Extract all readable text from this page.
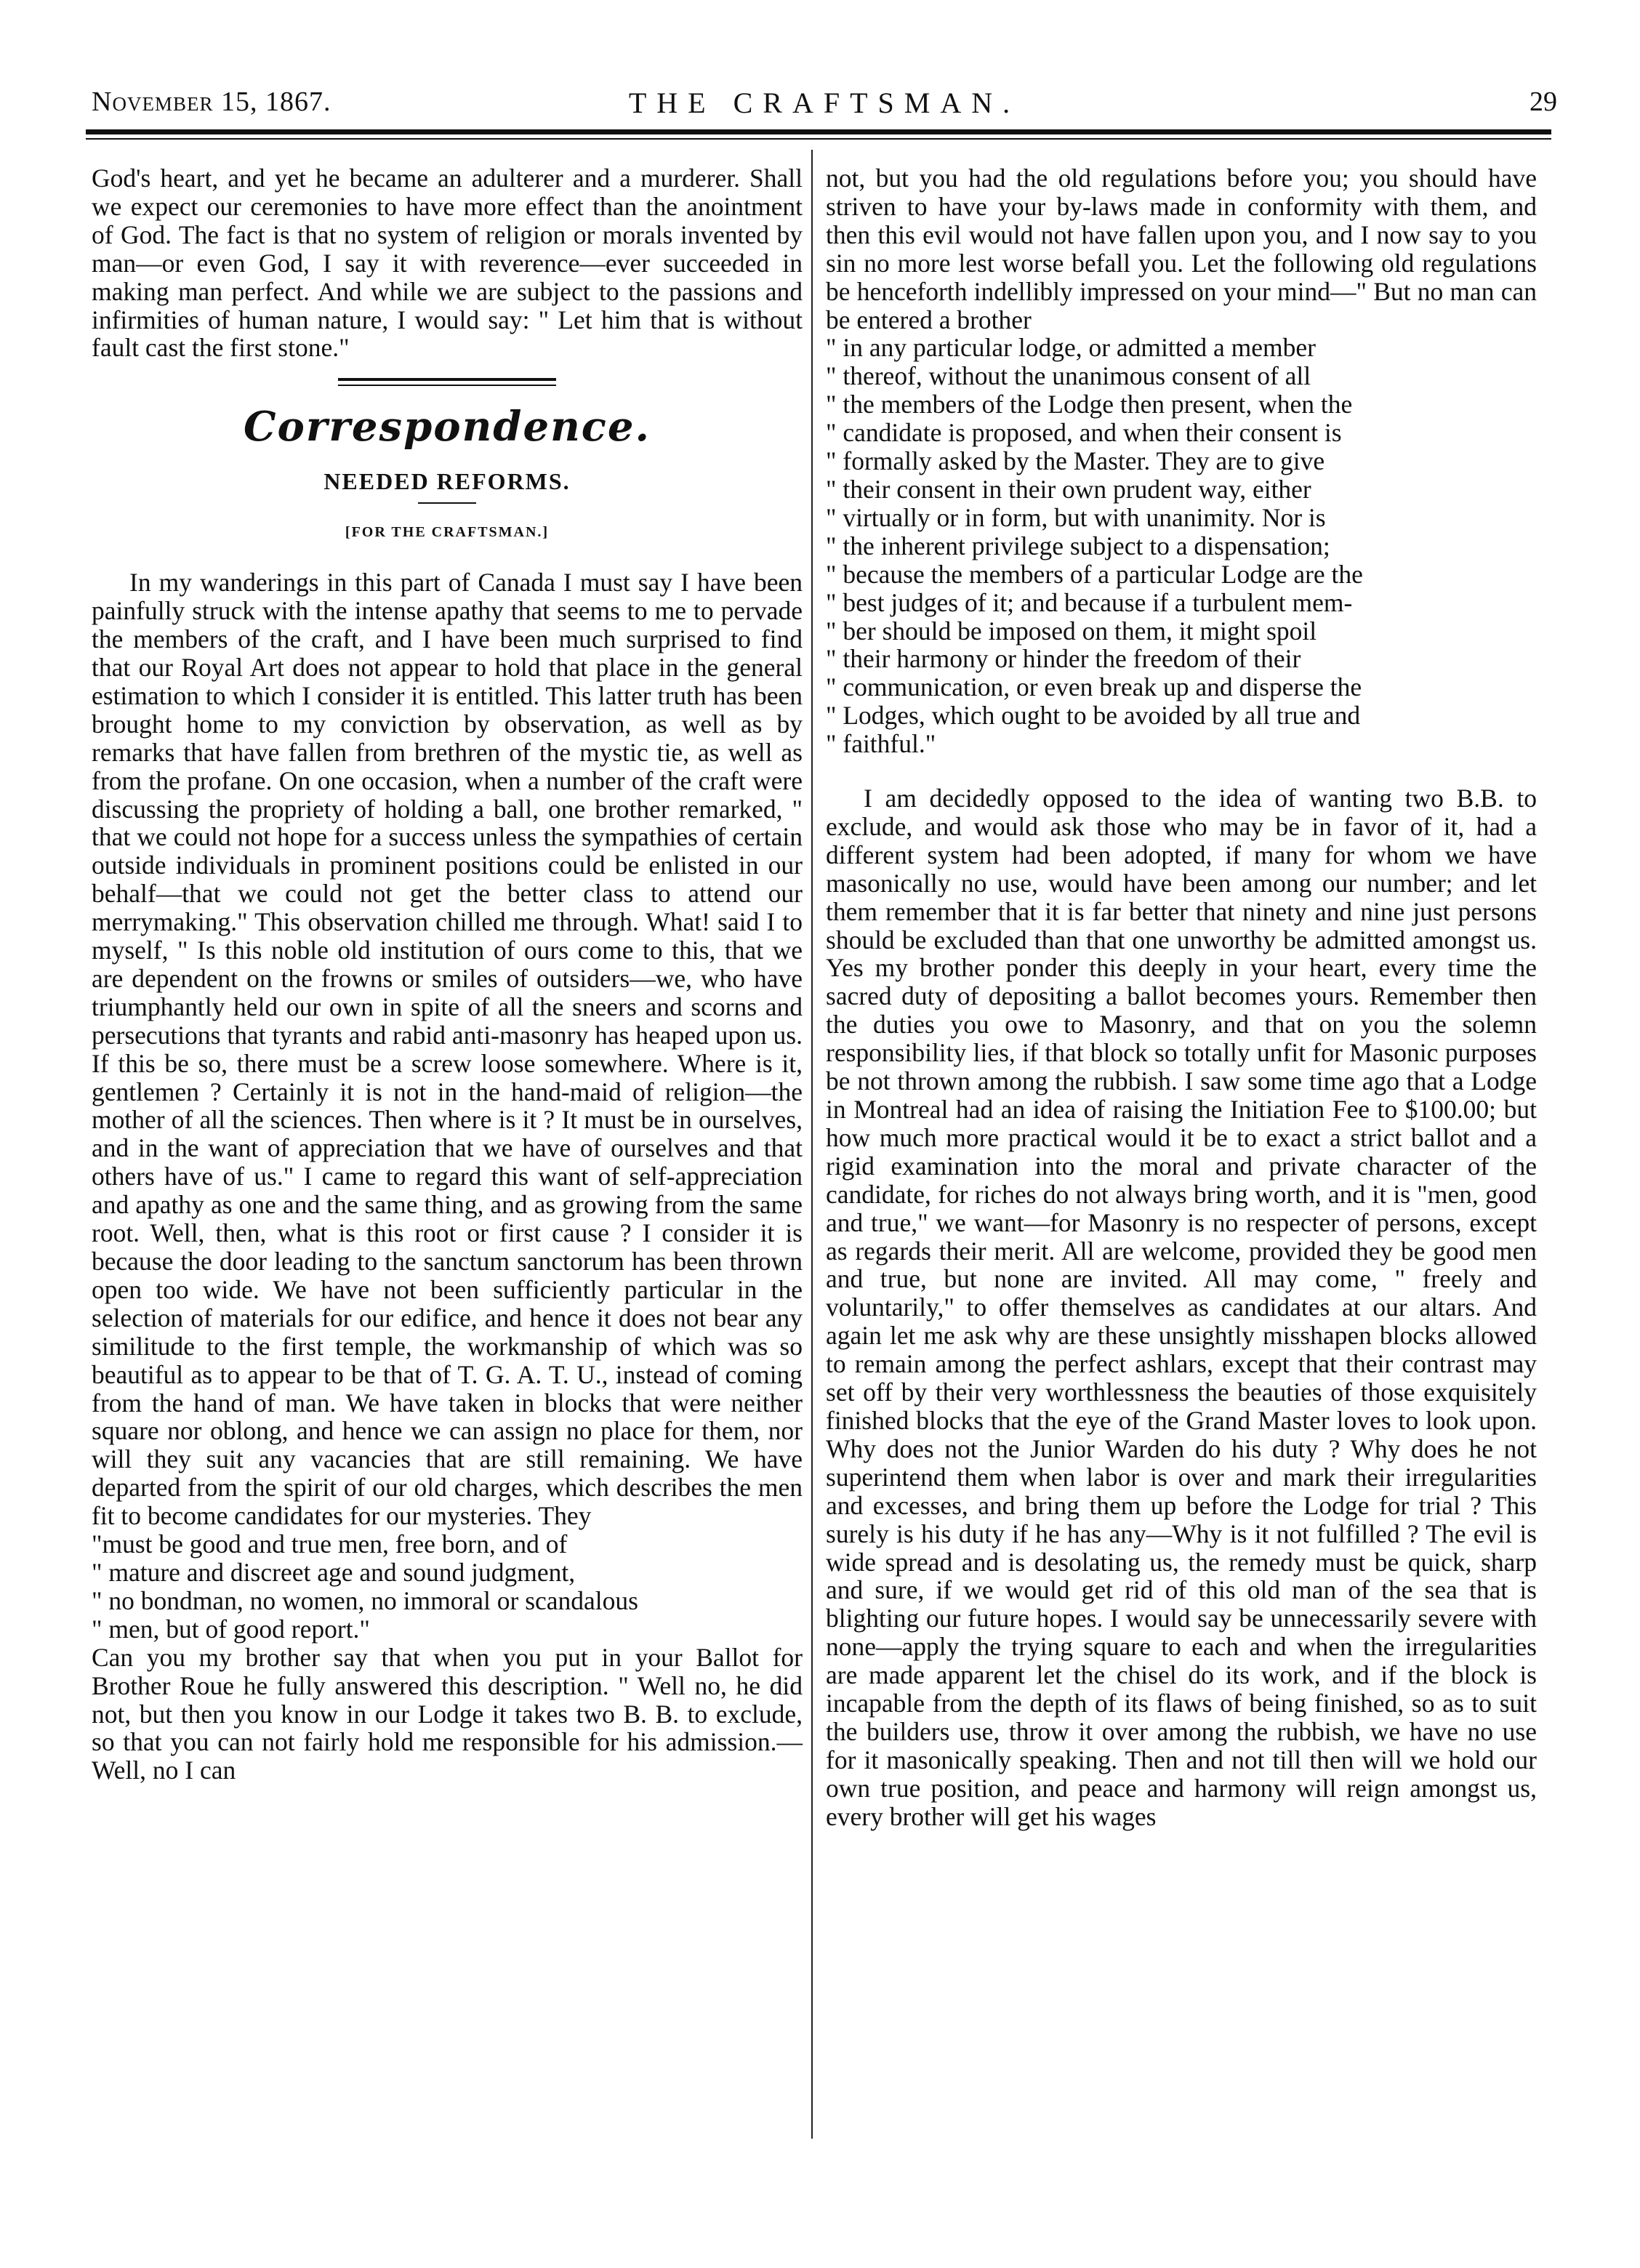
November 15, 1867.	THE CRAFTSMAN.	29

God's heart, and yet he became an adulterer and a murderer. Shall we expect our ceremonies to have more effect than the anointment of God. The fact is that no system of religion or morals invented by man—or even God, I say it with reverence—ever succeeded in making man perfect. And while we are subject to the passions and infirmities of human nature, I would say: " Let him that is without fault cast the first stone."

Correspondence.
NEEDED REFORMS.
[FOR THE CRAFTSMAN.]

In my wanderings in this part of Canada I must say I have been painfully struck with the intense apathy that seems to me to pervade the members of the craft, and I have been much surprised to find that our Royal Art does not appear to hold that place in the general estimation to which I consider it is entitled. This latter truth has been brought home to my conviction by observation, as well as by remarks that have fallen from brethren of the mystic tie, as well as from the profane. On one occasion, when a number of the craft were discussing the propriety of holding a ball, one brother remarked, " that we could not hope for a success unless the sympathies of certain outside individuals in prominent positions could be enlisted in our behalf—that we could not get the better class to attend our merrymaking." This observation chilled me through. What! said I to myself, " Is this noble old institution of ours come to this, that we are dependent on the frowns or smiles of outsiders—we, who have triumphantly held our own in spite of all the sneers and scorns and persecutions that tyrants and rabid anti-masonry has heaped upon us. If this be so, there must be a screw loose somewhere. Where is it, gentlemen ? Certainly it is not in the hand-maid of religion—the mother of all the sciences. Then where is it ? It must be in ourselves, and in the want of appreciation that we have of ourselves and that others have of us." I came to regard this want of self-appreciation and apathy as one and the same thing, and as growing from the same root. Well, then, what is this root or first cause ? I consider it is because the door leading to the sanctum sanctorum has been thrown open too wide. We have not been sufficiently particular in the selection of materials for our edifice, and hence it does not bear any similitude to the first temple, the workmanship of which was so beautiful as to appear to be that of T. G. A. T. U., instead of coming from the hand of man. We have taken in blocks that were neither square nor oblong, and hence we can assign no place for them, nor will they suit any vacancies that are still remaining. We have departed from the spirit of our old charges, which describes the men fit to become candidates for our mysteries. They

"must be good and true men, free born, and of
" mature and discreet age and sound judgment,
" no bondman, no women, no immoral or scandalous
" men, but of good report."

Can you my brother say that when you put in your Ballot for Brother Roue he fully answered this description. " Well no, he did not, but then you know in our Lodge it takes two B. B. to exclude, so that you can not fairly hold me responsible for his admission.—Well, no I can

not, but you had the old regulations before you; you should have striven to have your by-laws made in conformity with them, and then this evil would not have fallen upon you, and I now say to you sin no more lest worse befall you. Let the following old regulations be henceforth indellibly impressed on your mind—" But no man can be entered a brother

" in any particular lodge, or admitted a member
" thereof, without the unanimous consent of all
" the members of the Lodge then present, when the
" candidate is proposed, and when their consent is
" formally asked by the Master. They are to give
" their consent in their own prudent way, either
" virtually or in form, but with unanimity. Nor is
" the inherent privilege subject to a dispensation;
" because the members of a particular Lodge are the
" best judges of it; and because if a turbulent mem-
" ber should be imposed on them, it might spoil
" their harmony or hinder the freedom of their
" communication, or even break up and disperse the
" Lodges, which ought to be avoided by all true and
" faithful."

I am decidedly opposed to the idea of wanting two B.B. to exclude, and would ask those who may be in favor of it, had a different system had been adopted, if many for whom we have masonically no use, would have been among our number; and let them remember that it is far better that ninety and nine just persons should be excluded than that one unworthy be admitted amongst us. Yes my brother ponder this deeply in your heart, every time the sacred duty of depositing a ballot becomes yours. Remember then the duties you owe to Masonry, and that on you the solemn responsibility lies, if that block so totally unfit for Masonic purposes be not thrown among the rubbish. I saw some time ago that a Lodge in Montreal had an idea of raising the Initiation Fee to $100.00; but how much more practical would it be to exact a strict ballot and a rigid examination into the moral and private character of the candidate, for riches do not always bring worth, and it is "men, good and true," we want—for Masonry is no respecter of persons, except as regards their merit. All are welcome, provided they be good men and true, but none are invited. All may come, " freely and voluntarily," to offer themselves as candidates at our altars. And again let me ask why are these unsightly misshapen blocks allowed to remain among the perfect ashlars, except that their contrast may set off by their very worthlessness the beauties of those exquisitely finished blocks that the eye of the Grand Master loves to look upon. Why does not the Junior Warden do his duty ? Why does he not superintend them when labor is over and mark their irregularities and excesses, and bring them up before the Lodge for trial ? This surely is his duty if he has any—Why is it not fulfilled ? The evil is wide spread and is desolating us, the remedy must be quick, sharp and sure, if we would get rid of this old man of the sea that is blighting our future hopes. I would say be unnecessarily severe with none—apply the trying square to each and when the irregularities are made apparent let the chisel do its work, and if the block is incapable from the depth of its flaws of being finished, so as to suit the builders use, throw it over among the rubbish, we have no use for it masonically speaking. Then and not till then will we hold our own true position, and peace and harmony will reign amongst us, every brother will get his wages
